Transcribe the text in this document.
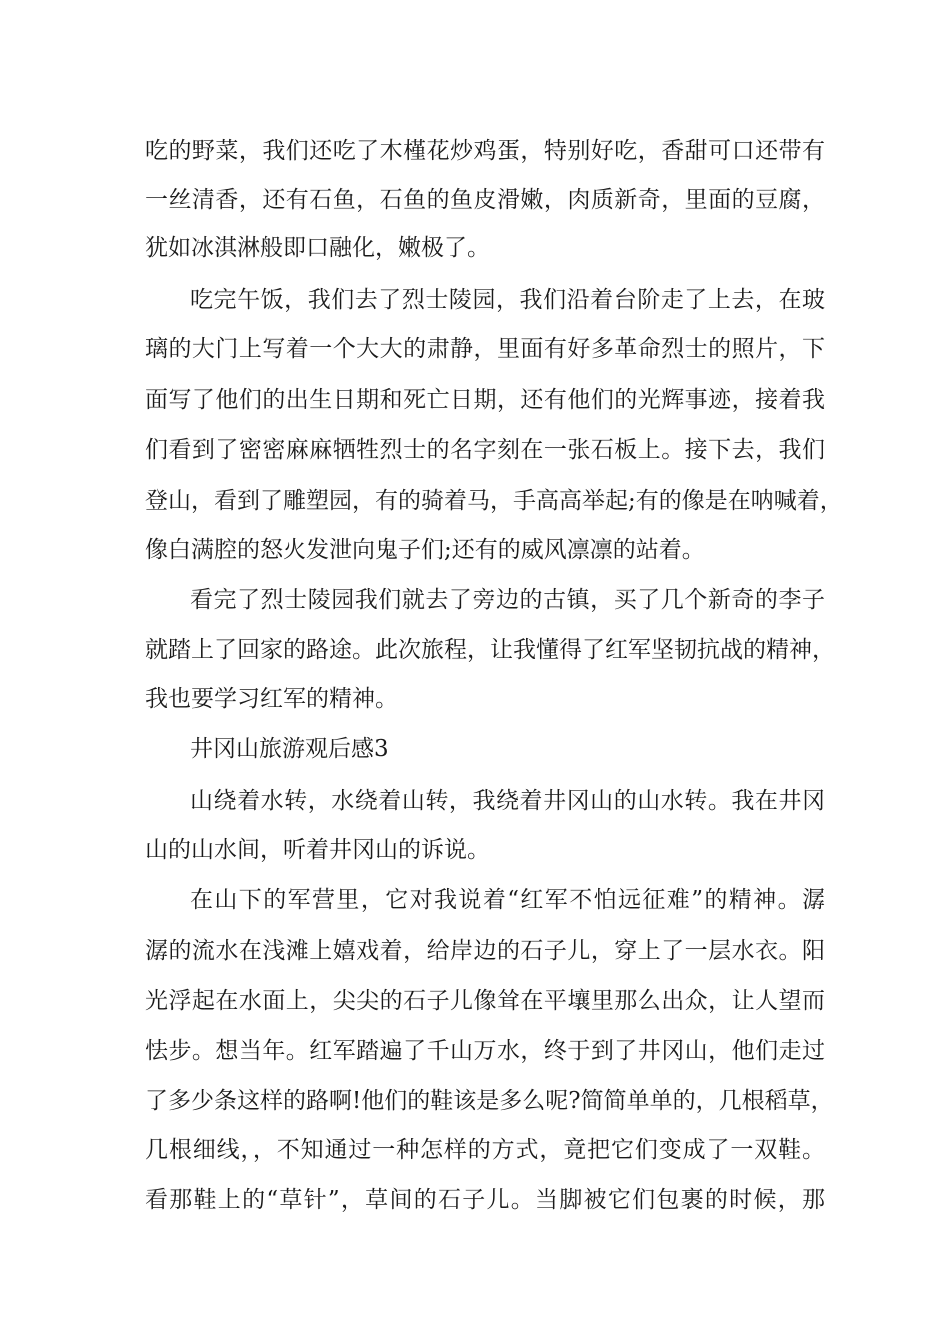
吃的野菜，我们还吃了木槿花炒鸡蛋，特别好吃，香甜可口还带有
一丝清香，还有石鱼，石鱼的鱼皮滑嫩，肉质新奇，里面的豆腐，
犹如冰淇淋般即口融化，嫩极了。
吃完午饭，我们去了烈士陵园，我们沿着台阶走了上去，在玻
璃的大门上写着一个大大的肃静，里面有好多革命烈士的照片，下
面写了他们的出生日期和死亡日期，还有他们的光辉事迹，接着我
们看到了密密麻麻牺牲烈士的名字刻在一张石板上。接下去，我们
登山，看到了雕塑园，有的骑着马，手高高举起;有的像是在呐喊着，
像白满腔的怒火发泄向鬼子们;还有的威风凛凛的站着。
看完了烈士陵园我们就去了旁边的古镇，买了几个新奇的李子
就踏上了回家的路途。此次旅程，让我懂得了红军坚韧抗战的精神，
我也要学习红军的精神。
井冈山旅游观后感3
山绕着水转，水绕着山转，我绕着井冈山的山水转。我在井冈
山的山水间，听着井冈山的诉说。
在山下的军营里，它对我说着“红军不怕远征难”的精神。潺
潺的流水在浅滩上嬉戏着，给岸边的石子儿，穿上了一层水衣。阳
光浮起在水面上，尖尖的石子儿像耸在平壤里那么出众，让人望而
怯步。想当年。红军踏遍了千山万水，终于到了井冈山，他们走过
了多少条这样的路啊!他们的鞋该是多么呢?简简单单的，几根稻草，
几根细线，，不知通过一种怎样的方式，竟把它们变成了一双鞋。
看那鞋上的“草针”，草间的石子儿。当脚被它们包裹的时候，那
